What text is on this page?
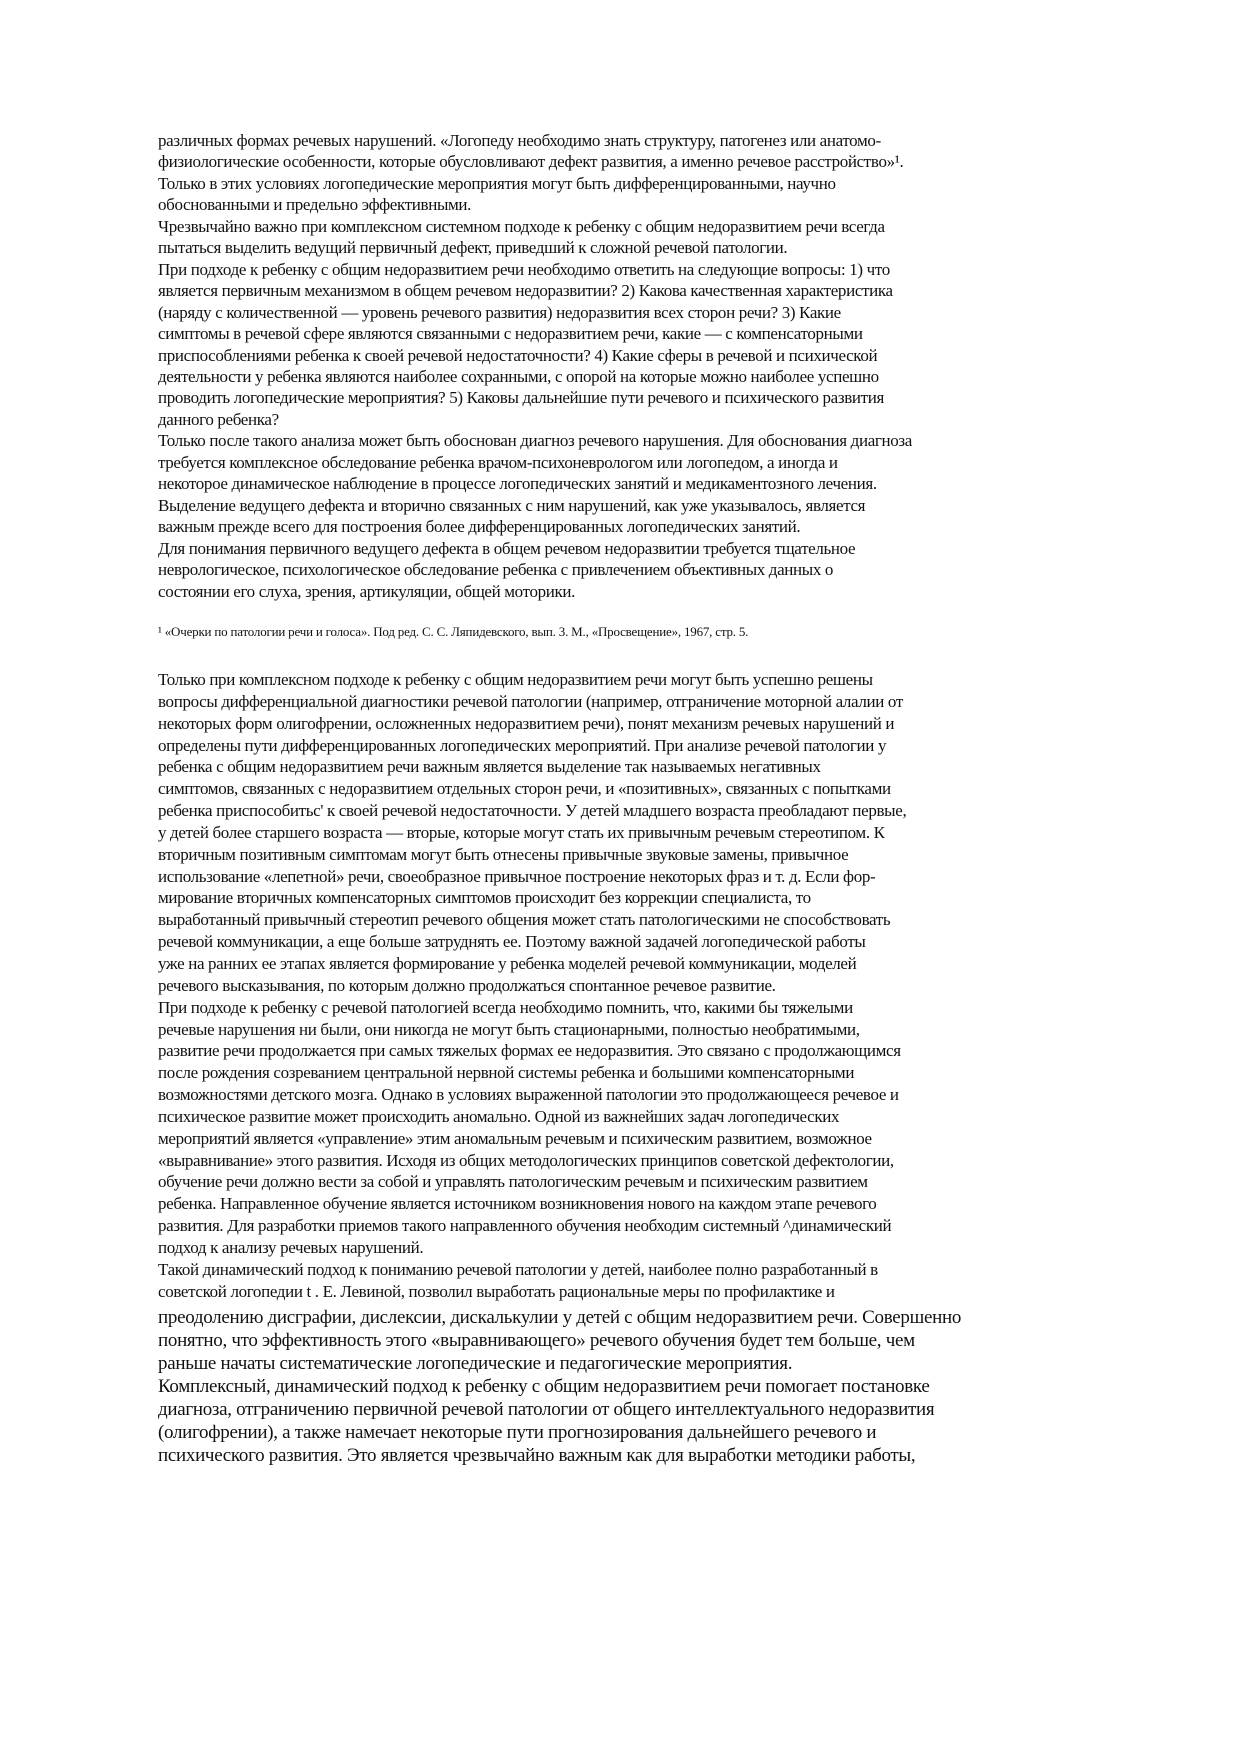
различных формах речевых нарушений. «Логопеду необходимо знать структуру, патогенез или анатомо-
физиологические особенности, которые обусловливают дефект развития, а именно речевое расстройство»¹.
Только в этих условиях логопедические мероприятия могут быть дифференцированными, научно
обоснованными и предельно эффективными.
Чрезвычайно важно при комплексном системном подходе к ребенку с общим недоразвитием речи всегда
пытаться выделить ведущий первичный дефект, приведший к сложной речевой патологии.
При подходе к ребенку с общим недоразвитием речи необходимо ответить на следующие вопросы: 1) что
является первичным механизмом в общем речевом недоразвитии? 2) Какова качественная характеристика
(наряду с количественной — уровень речевого развития) недоразвития всех сторон речи? 3) Какие
симптомы в речевой сфере являются связанными с недоразвитием речи, какие — с компенсаторными
приспособлениями ребенка к своей речевой недостаточности? 4) Какие сферы в речевой и психической
деятельности у ребенка являются наиболее сохранными, с опорой на которые можно наиболее успешно
проводить логопедические мероприятия? 5) Каковы дальнейшие пути речевого и психического развития
данного ребенка?
Только после такого анализа может быть обоснован диагноз речевого нарушения. Для обоснования диагноза
требуется комплексное обследование ребенка врачом-психоневрологом или логопедом, а иногда и
некоторое динамическое наблюдение в процессе логопедических занятий и медикаментозного лечения.
Выделение ведущего дефекта и вторично связанных с ним нарушений, как уже указывалось, является
важным прежде всего для построения более дифференцированных логопедических занятий.
Для понимания первичного ведущего дефекта в общем речевом недоразвитии требуется тщательное
неврологическое, психологическое обследование ребенка с привлечением объективных данных о
состоянии его слуха, зрения, артикуляции, общей моторики.
¹ «Очерки по патологии речи и голоса». Под ред. С. С. Ляпидевского, вып. 3. М., «Просвещение», 1967, стр. 5.
Только при комплексном подходе к ребенку с общим недоразвитием речи могут быть успешно решены
вопросы дифференциальной диагностики речевой патологии (например, отграничение моторной алалии от
некоторых форм олигофрении, осложненных недоразвитием речи), понят механизм речевых нарушений и
определены пути дифференцированных логопедических мероприятий. При анализе речевой патологии у
ребенка с общим недоразвитием речи важным является выделение так называемых негативных
симптомов, связанных с недоразвитием отдельных сторон речи, и «позитивных», связанных с попытками
ребенка приспособитьс' к своей речевой недостаточности. У детей младшего возраста преобладают первые,
у детей более старшего возраста — вторые, которые могут стать их привычным речевым стереотипом. К
вторичным позитивным симптомам могут быть отнесены привычные звуковые замены, привычное
использование «лепетной» речи, своеобразное привычное построение некоторых фраз и т. д. Если фор-
мирование вторичных компенсаторных симптомов происходит без коррекции специалиста, то
выработанный привычный стереотип речевого общения может стать патологическими не способствовать
речевой коммуникации, а еще больше затруднять ее. Поэтому важной задачей логопедической работы
уже на ранних ее этапах является формирование у ребенка моделей речевой коммуникации, моделей
речевого высказывания, по которым должно продолжаться спонтанное речевое развитие.
При подходе к ребенку с речевой патологией всегда необходимо помнить, что, какими бы тяжелыми
речевые нарушения ни были, они никогда не могут быть стационарными, полностью необратимыми,
развитие речи продолжается при самых тяжелых формах ее недоразвития. Это связано с продолжающимся
после рождения созреванием центральной нервной системы ребенка и большими компенсаторными
возможностями детского мозга. Однако в условиях выраженной патологии это продолжающееся речевое и
психическое развитие может происходить аномально. Одной из важнейших задач логопедических
мероприятий является «управление» этим аномальным речевым и психическим развитием, возможное
«выравнивание» этого развития. Исходя из общих методологических принципов советской дефектологии,
обучение речи должно вести за собой и управлять патологическим речевым и психическим развитием
ребенка. Направленное обучение является источником возникновения нового на каждом этапе речевого
развития. Для разработки приемов такого направленного обучения необходим системный ^динамический
подход к анализу речевых нарушений.
Такой динамический подход к пониманию речевой патологии у детей, наиболее полно разработанный в
советской логопедии t . Е. Левиной, позволил выработать рациональные меры по профилактике и
преодолению дисграфии, дислексии, дискалькулии у детей с общим недоразвитием речи. Совершенно
понятно, что эффективность этого «выравнивающего» речевого обучения будет тем больше, чем
раньше начаты систематические логопедические и педагогические мероприятия.
Комплексный, динамический подход к ребенку с общим недоразвитием речи помогает постановке
диагноза, отграничению первичной речевой патологии от общего интеллектуального недоразвития
(олигофрении), а также намечает некоторые пути прогнозирования дальнейшего речевого и
психического развития. Это является чрезвычайно важным как для выработки методики работы,
